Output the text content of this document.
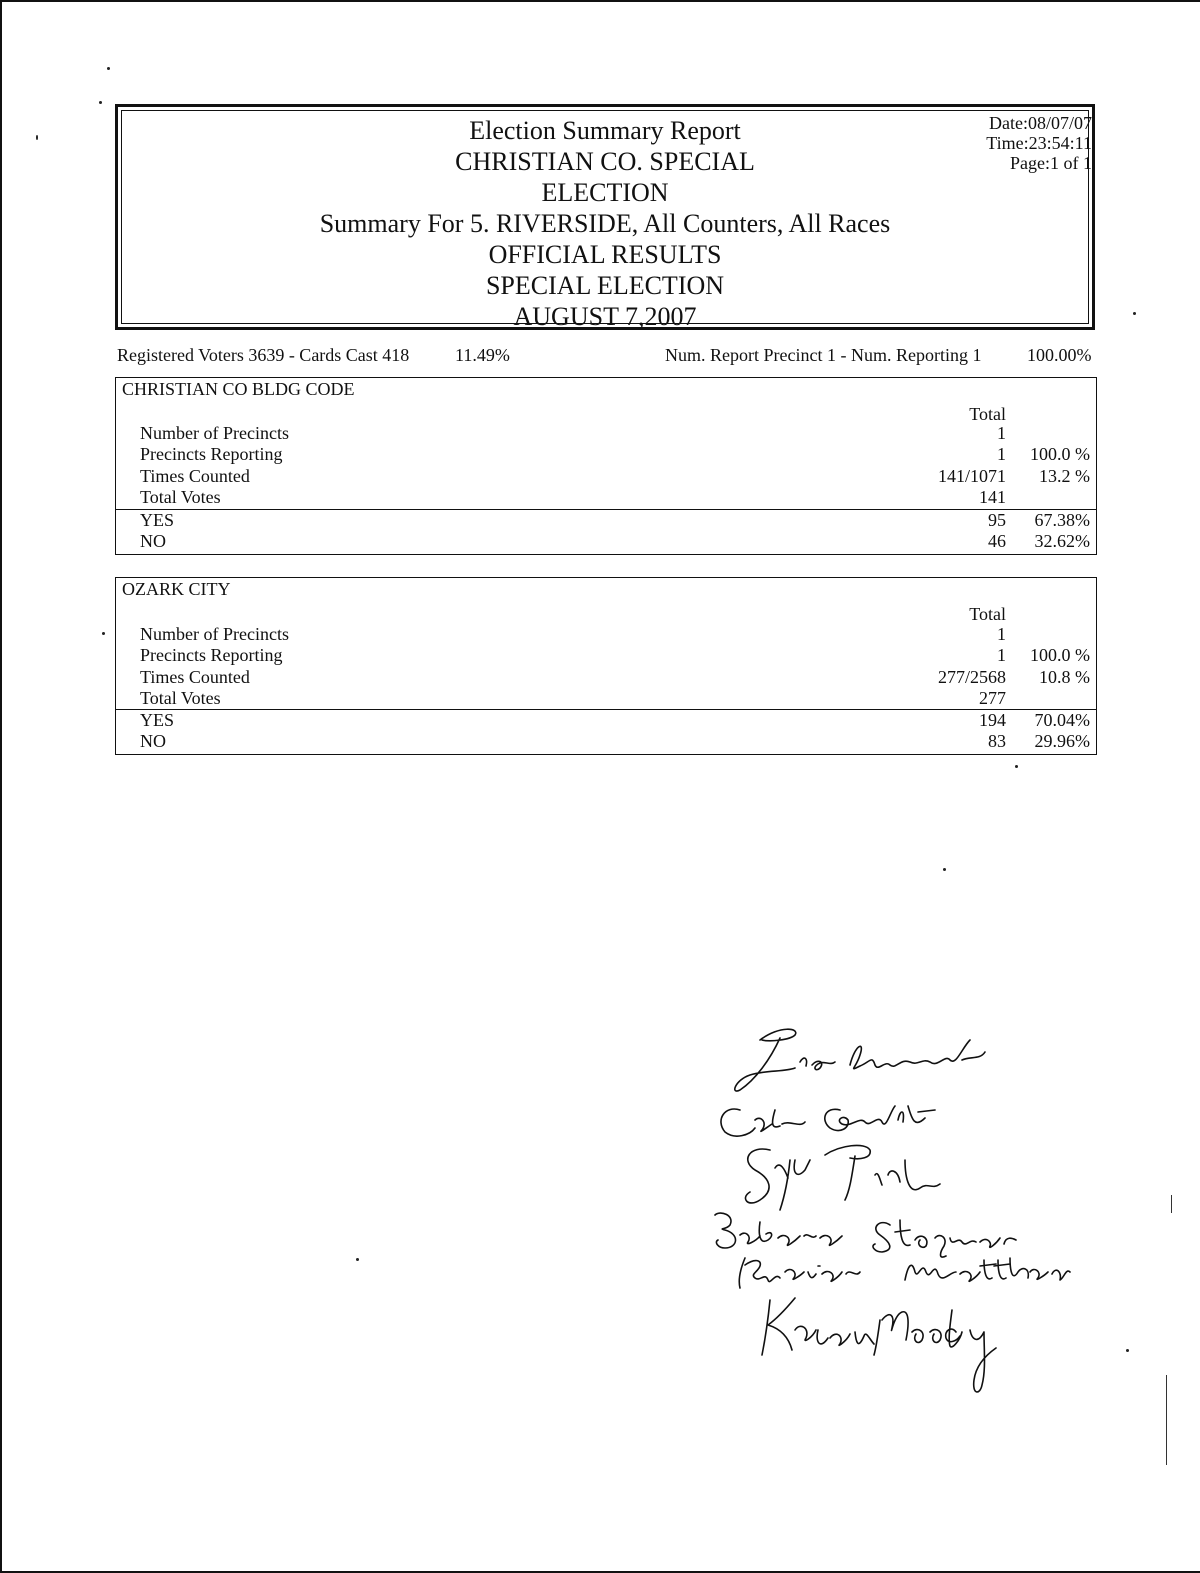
Election Summary Report
CHRISTIAN CO. SPECIAL
ELECTION
Summary For 5. RIVERSIDE, All Counters, All Races
OFFICIAL RESULTS
SPECIAL ELECTION
AUGUST 7,2007
Date:08/07/07
Time:23:54:11
Page:1 of 1
Registered Voters 3639 - Cards Cast 418	11.49%	Num. Report Precinct 1 - Num. Reporting 1	100.00%
CHRISTIAN CO BLDG CODE
Total
Number of Precincts	1
Precincts Reporting	1 100.0 %
Times Counted	141/1071 13.2 %
Total Votes	141
YES	95 67.38%
NO	46 32.62%
OZARK CITY
Total
Number of Precincts	1
Precincts Reporting	1 100.0 %
Times Counted	277/2568 10.8 %
Total Votes	277
YES	194 70.04%
NO	83 29.96%
